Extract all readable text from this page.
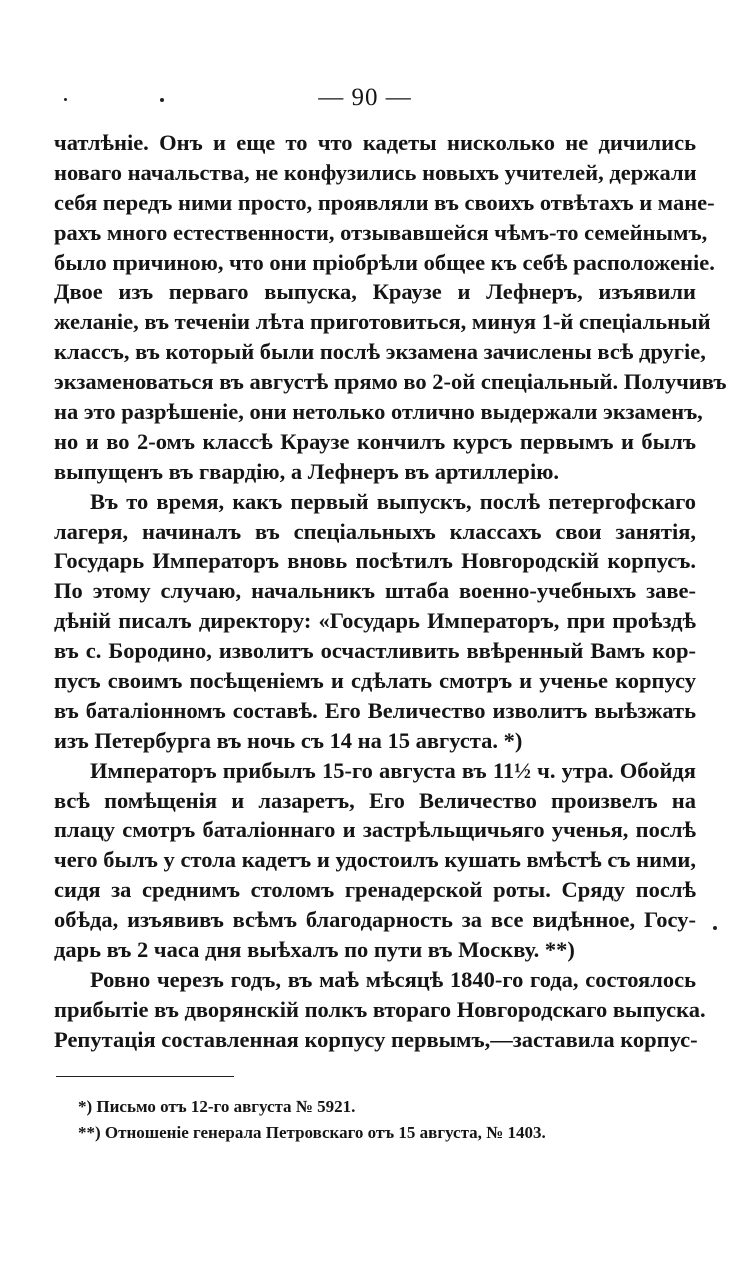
— 90 —
чатлѣніе. Онъ и еще то что кадеты нисколько не дичились
новаго начальства, не конфузились новыхъ учителей, держали
себя передъ ними просто, проявляли въ своихъ отвѣтахъ и мане-
рахъ много естественности, отзывавшейся чѣмъ-то семейнымъ,
было причиною, что они пріобрѣли общее къ себѣ расположеніе.
Двое изъ перваго выпуска, Краузе и Лефнеръ, изъявили
желаніе, въ теченіи лѣта приготовиться, минуя 1-й спеціальный
классъ, въ который были послѣ экзамена зачислены всѣ другіе,
экзаменоваться въ августѣ прямо во 2-ой спеціальный. Получивъ
на это разрѣшеніе, они нетолько отлично выдержали экзаменъ,
но и во 2-омъ классѣ Краузе кончилъ курсъ первымъ и былъ
выпущенъ въ гвардію, а Лефнеръ въ артиллерію.
Въ то время, какъ первый выпускъ, послѣ петергофскаго
лагеря, начиналъ въ спеціальныхъ классахъ свои занятія,
Государь Императоръ вновь посѣтилъ Новгородскій корпусъ.
По этому случаю, начальникъ штаба военно-учебныхъ заве-
дѣній писалъ директору: «Государь Императоръ, при проѣздѣ
въ с. Бородино, изволитъ осчастливить ввѣренный Вамъ кор-
пусъ своимъ посѣщеніемъ и сдѣлать смотръ и ученье корпусу
въ баталіонномъ составѣ. Его Величество изволитъ выѣзжать
изъ Петербурга въ ночь съ 14 на 15 августа. *)
Императоръ прибылъ 15-го августа въ 11½ ч. утра. Обойдя
всѣ помѣщенія и лазаретъ, Его Величество произвелъ на
плацу смотръ баталіоннаго и застрѣльщичьяго ученья, послѣ
чего былъ у стола кадетъ и удостоилъ кушать вмѣстѣ съ ними,
сидя за среднимъ столомъ гренадерской роты. Сряду послѣ
обѣда, изъявивъ всѣмъ благодарность за все видѣнное, Госу-
дарь въ 2 часа дня выѣхалъ по пути въ Москву. **)
Ровно черезъ годъ, въ маѣ мѣсяцѣ 1840-го года, состоялось
прибытіе въ дворянскій полкъ втораго Новгородскаго выпуска.
Репутація составленная корпусу первымъ,—заставила корпус-
*) Письмо отъ 12-го августа № 5921.
**) Отношеніе генерала Петровскаго отъ 15 августа, № 1403.
